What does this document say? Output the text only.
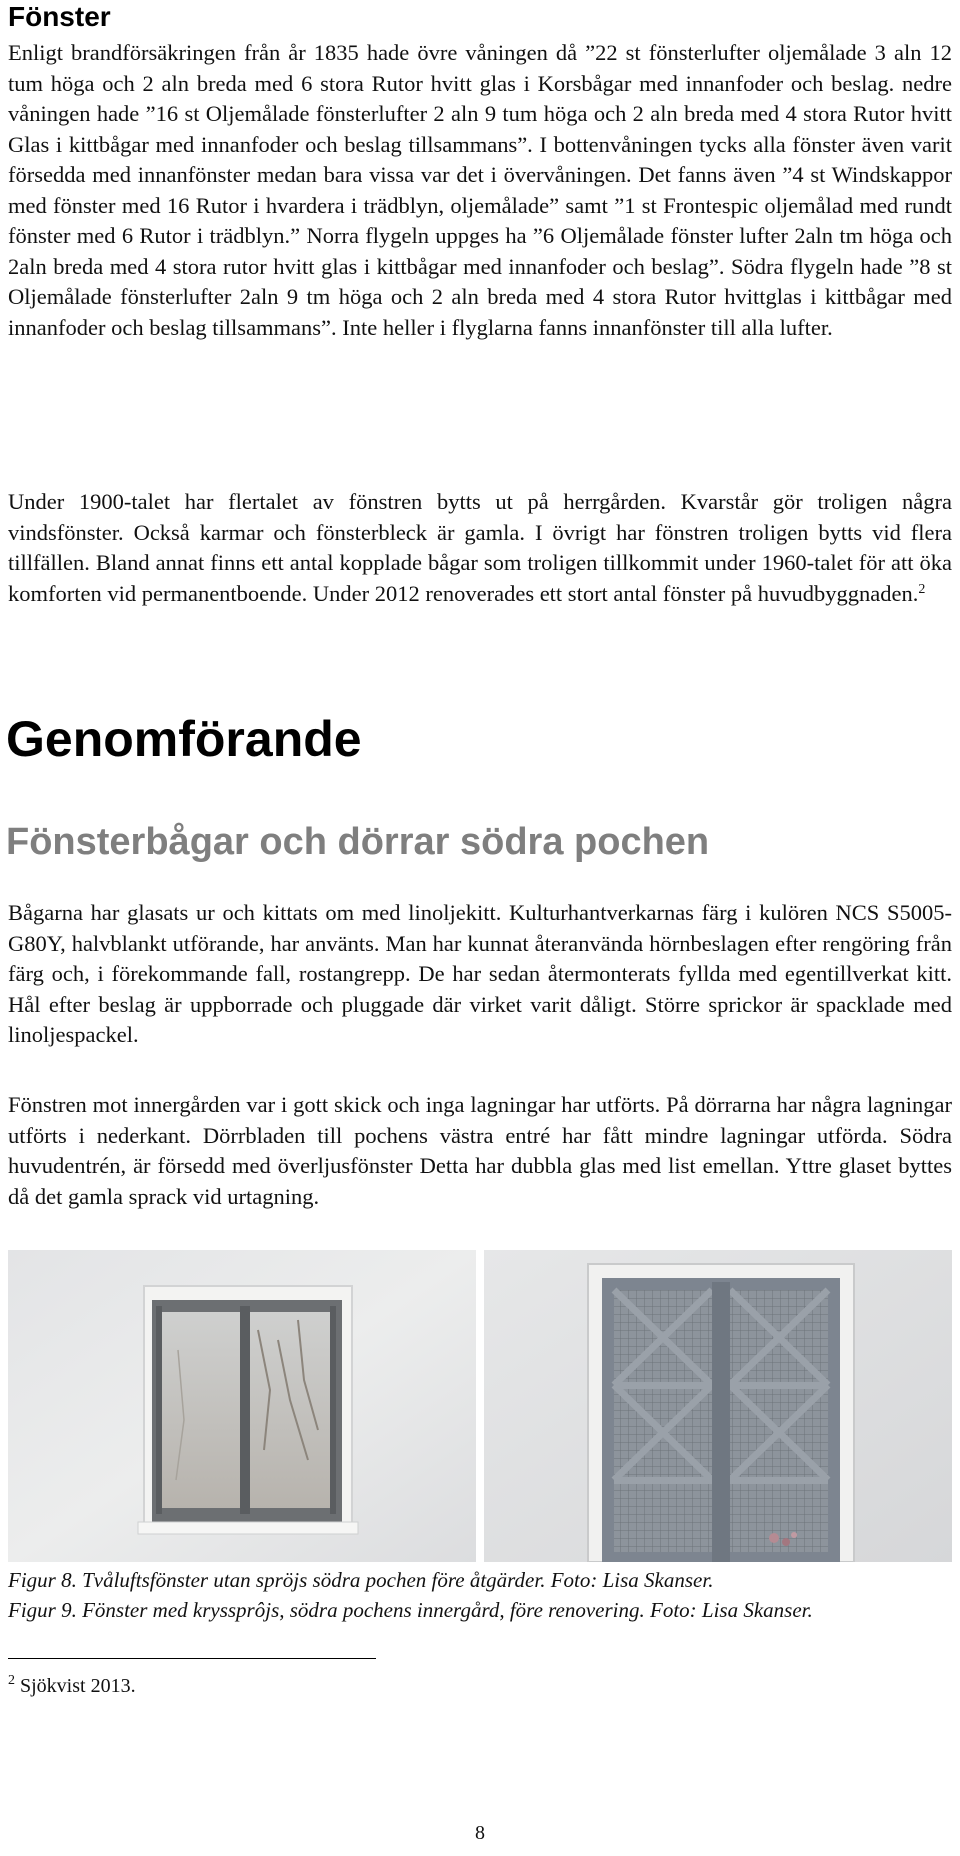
Fönster

Enligt brandförsäkringen från år 1835 hade övre våningen då ”22 st fönsterlufter oljemålade 3 aln 12 tum höga och 2 aln breda med 6 stora Rutor hvitt glas i Korsbågar med innanfoder och beslag. nedre våningen hade ”16 st Oljemålade fönsterlufter 2 aln 9 tum höga och 2 aln breda med 4 stora Rutor hvitt Glas i kittbågar med innanfoder och beslag tillsammans”. I bottenvåningen tycks alla fönster även varit försedda med innanfönster medan bara vissa var det i övervåningen. Det fanns även ”4 st Windskappor med fönster med 16 Rutor i hvardera i trädblyn, oljemålade” samt ”1 st Frontespic oljemålad med rundt fönster med 6 Rutor i trädblyn.” Norra flygeln uppges ha ”6 Oljemålade fönster lufter 2aln tm höga och 2aln breda med 4 stora rutor hvitt glas i kittbågar med innanfoder och beslag”. Södra flygeln hade ”8 st Oljemålade fönsterlufter 2aln 9 tm höga och 2 aln breda med 4 stora Rutor hvittglas i kittbågar med innanfoder och beslag tillsammans”. Inte heller i flyglarna fanns innanfönster till alla lufter.

Under 1900-talet har flertalet av fönstren bytts ut på herrgården. Kvarstår gör troligen några vindsfönster. Också karmar och fönsterbleck är gamla. I övrigt har fönstren troligen bytts vid flera tillfällen. Bland annat finns ett antal kopplade bågar som troligen tillkommit under 1960-talet för att öka komforten vid permanentboende. Under 2012 renoverades ett stort antal fönster på huvudbyggnaden.$^2$

Genomförande
Fönsterbågar och dörrar södra pochen

Bågarna har glasats ur och kittats om med linoljekitt. Kulturhantverkarnas färg i kulören NCS S5005-G80Y, halvblankt utförande, har använts. Man har kunnat återanvända hörnbeslagen efter rengöring från färg och, i förekommande fall, rostangrepp. De har sedan återmonterats fyllda med egentillverkat kitt. Hål efter beslag är uppborrade och pluggade där virket varit dåligt. Större sprickor är spacklade med linoljespackel.

Fönstren mot innergården var i gott skick och inga lagningar har utförts. På dörrarna har några lagningar utförts i nederkant. Dörrbladen till pochens västra entré har fått mindre lagningar utförda. Södra huvudentrén, är försedd med överljusfönster Detta har dubbla glas med list emellan. Yttre glaset byttes då det gamla sprack vid urtagning.

Figur 8. Tvåluftsfönster utan spröjs södra pochen före åtgärder. Foto: Lisa Skanser.

Figur 9. Fönster med kryssprôjs, södra pochens innergård, före renovering. Foto: Lisa Skanser.

$^2$ Sjökvist 2013.

8
